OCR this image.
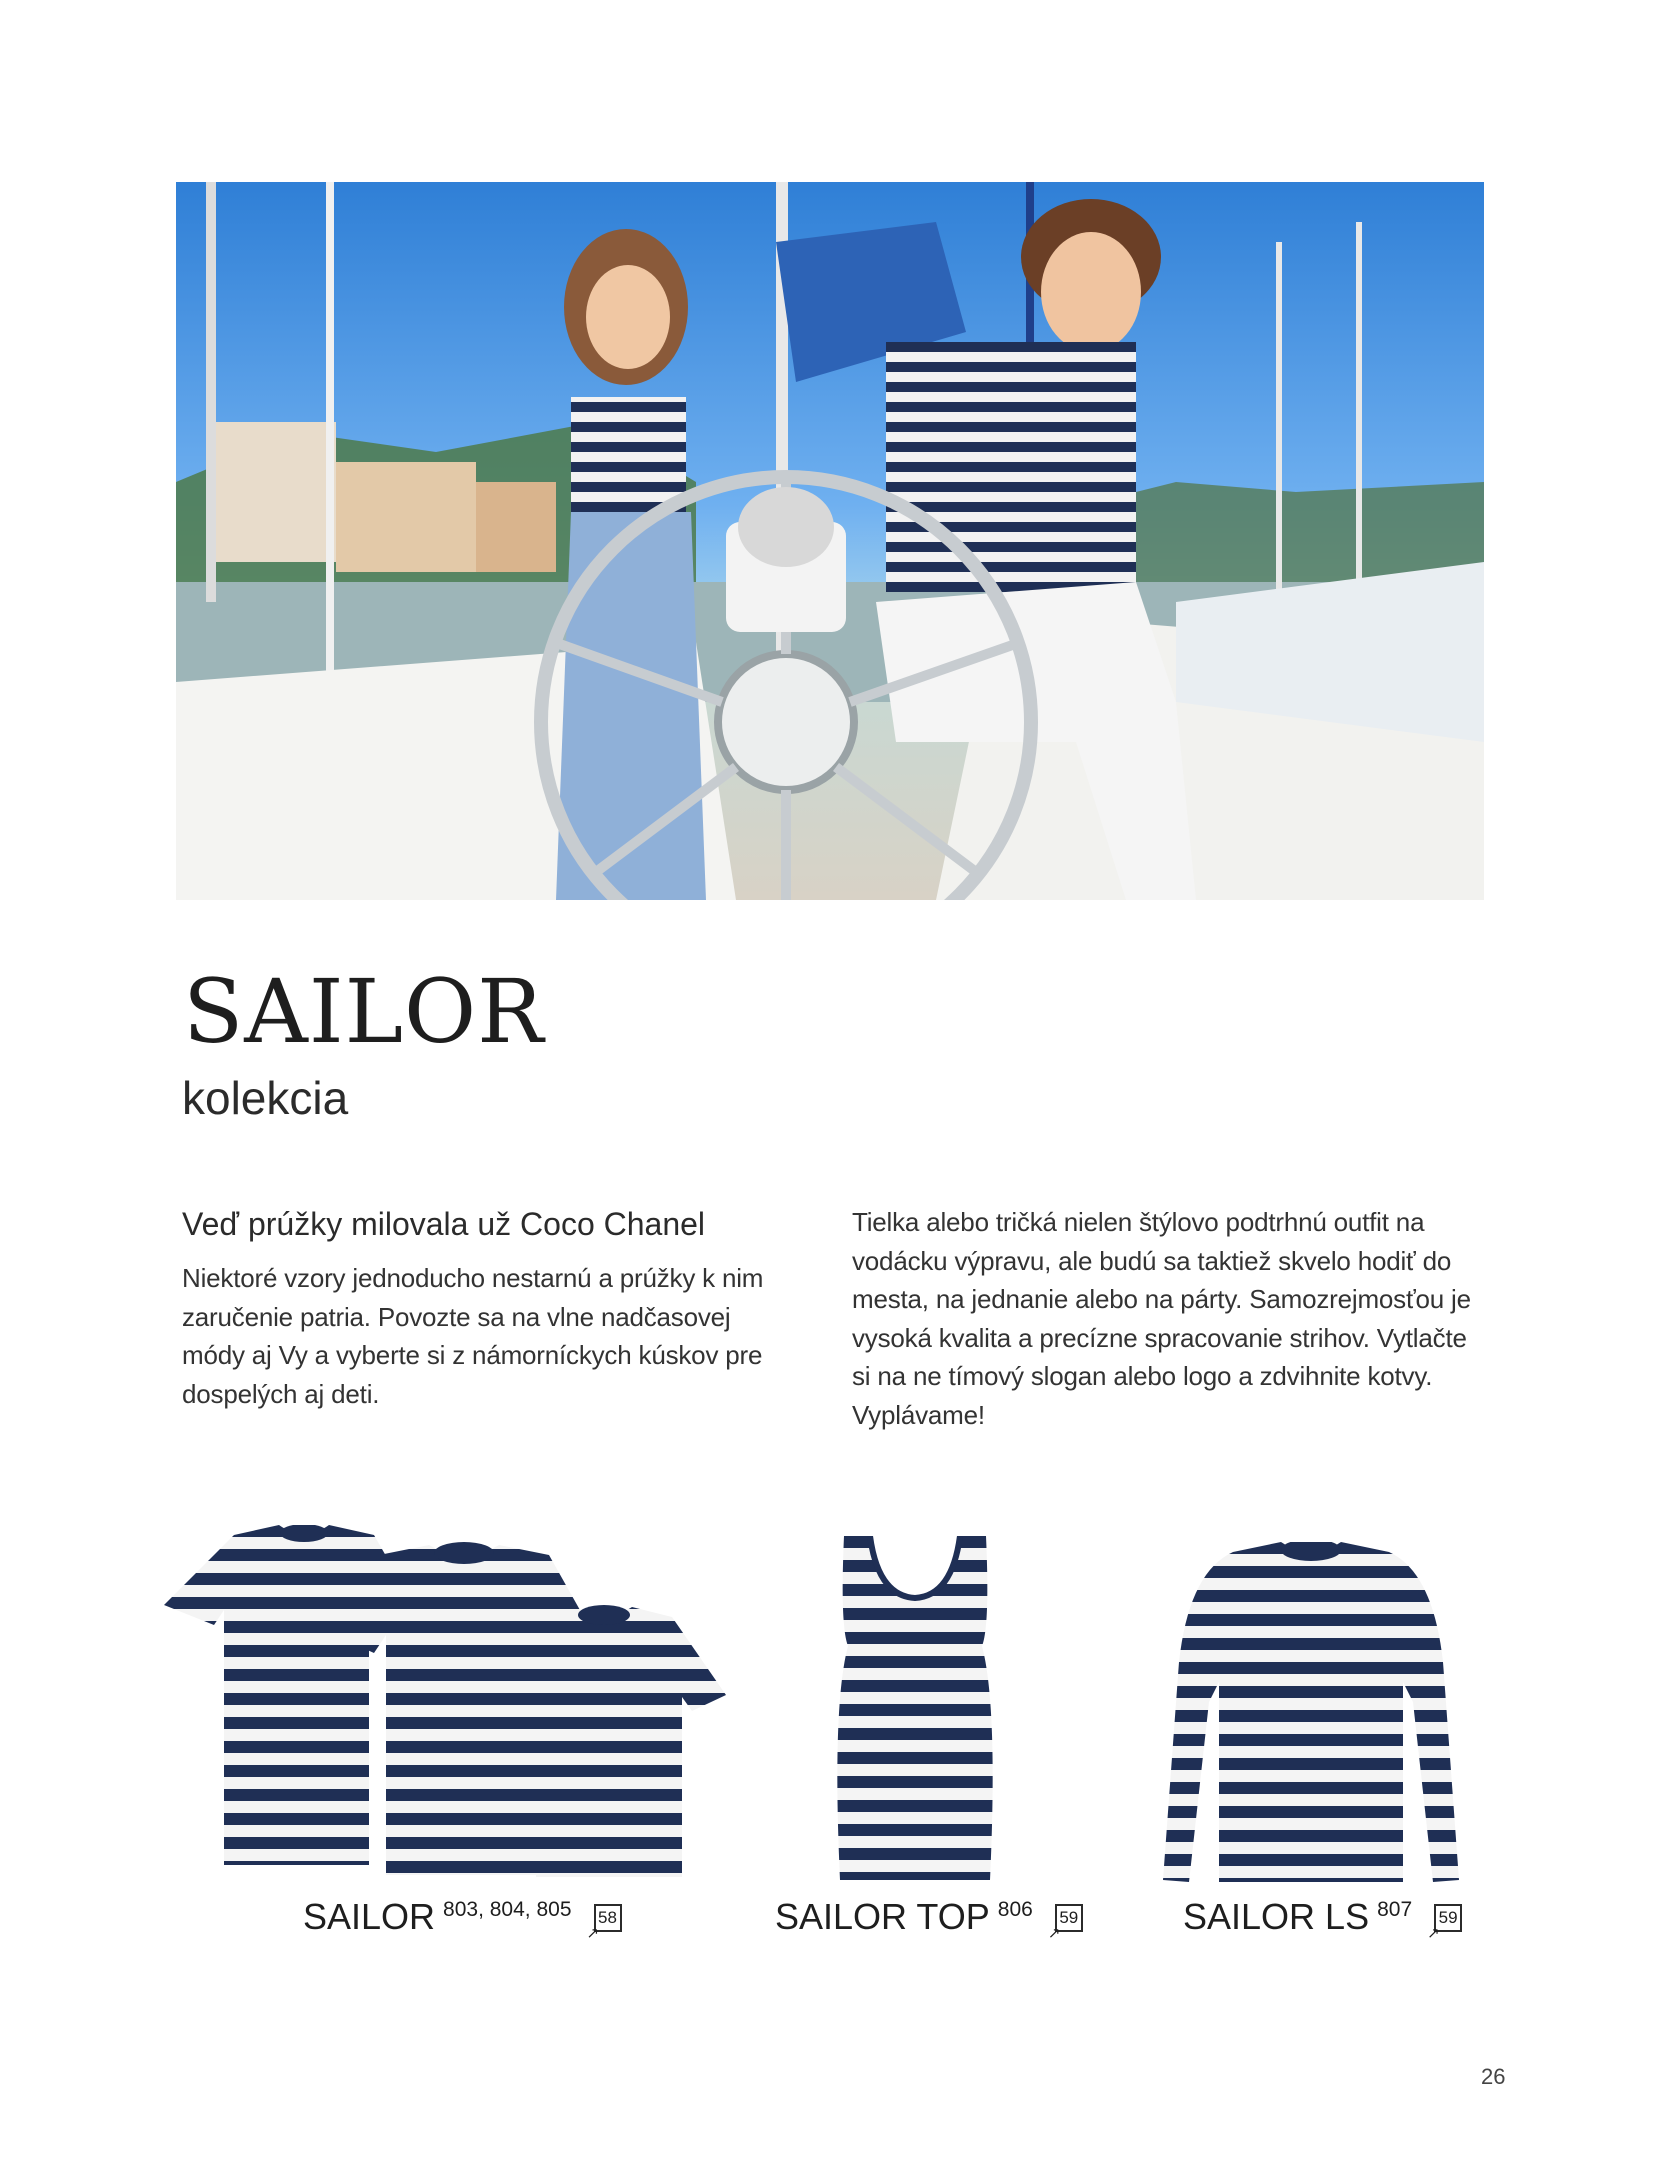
SAILOR
kolekcia

Veď prúžky milovala už Coco Chanel

Niektoré vzory jednoducho nestarnú a prúžky k nim zaručenie patria. Povozte sa na vlne nadčasovej módy aj Vy a vyberte si z námorníckych kúskov pre dospelých aj deti.

Tielka alebo tričká nielen štýlovo podtrhnú outfit na vodácku výpravu, ale budú sa taktiež skvelo hodiť do mesta, na jednanie alebo na párty. Samozrejmosťou je vysoká kvalita a precízne spracovanie strihov. Vytlačte si na ne tímový slogan alebo logo a zdvihnite kotvy. Vyplávame!

SAILOR 803, 804, 805 58
↗	SAILOR TOP 806 59
↗	SAILOR LS 807 59
↗
26
